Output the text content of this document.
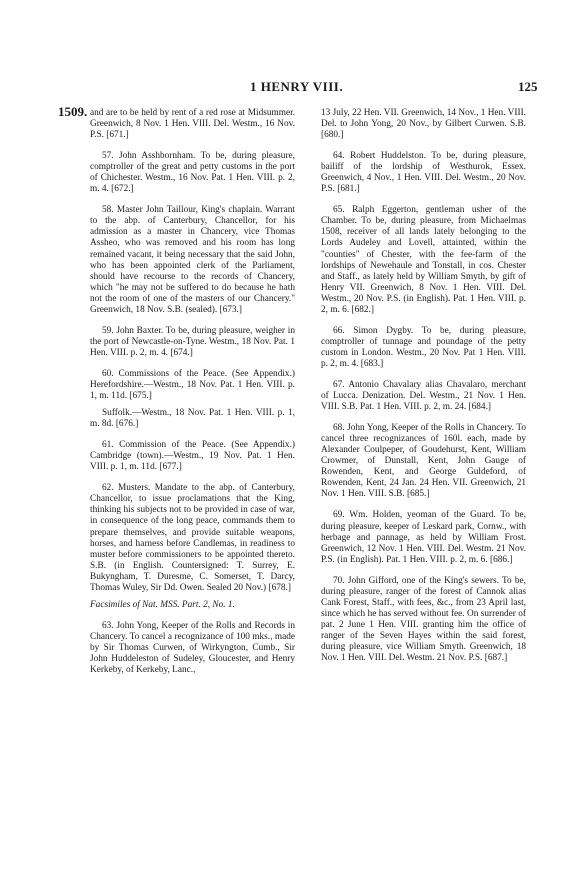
1 HENRY VIII.	125
1509. and are to be held by rent of a red rose at Midsummer. Greenwich, 8 Nov. 1 Hen. VIII. Del. Westm., 16 Nov. P.S. [671.]

57. John Asshbornham. To be, during pleasure, comptroller of the great and petty customs in the port of Chichester. Westm., 16 Nov. Pat. 1 Hen. VIII. p. 2, m. 4. [672.]

58. Master John Taillour, King's chaplain. Warrant to the abp. of Canterbury, Chancellor, for his admission as a master in Chancery, vice Thomas Assheo, who was removed and his room has long remained vacant, it being necessary that the said John, who has been appointed clerk of the Parliament, should have recourse to the records of Chancery, which "he may not be suffered to do because he hath not the room of one of the masters of our Chancery." Greenwich, 18 Nov. S.B. (sealed). [673.]

59. John Baxter. To be, during pleasure, weigher in the port of Newcastle-on-Tyne. Westm., 18 Nov. Pat. 1 Hen. VIII. p. 2, m. 4. [674.]

60. Commissions of the Peace. (See Appendix.) Herefordshire.—Westm., 18 Nov. Pat. 1 Hen. VIII. p. 1, m. 11d. [675.]

Suffolk.—Westm., 18 Nov. Pat. 1 Hen. VIII. p. 1, m. 8d. [676.]

61. Commission of the Peace. (See Appendix.) Cambridge (town).—Westm., 19 Nov. Pat. 1 Hen. VIII. p. 1, m. 11d. [677.]

62. Musters. Mandate to the abp. of Canterbury, Chancellor, to issue proclamations that the King, thinking his subjects not to be provided in case of war, in consequence of the long peace, commands them to prepare themselves, and provide suitable weapons, horses, and harness before Candlemas, in readiness to muster before commissioners to be appointed thereto. S.B. (in English. Countersigned: T. Surrey, E. Bukyngham, T. Duresme, C. Somerset, T. Darcy, Thomas Wuley, Sir Dd. Owen. Sealed 20 Nov.) [678.]

Facsimiles of Nat. MSS. Part. 2, No. 1.

63. John Yong, Keeper of the Rolls and Records in Chancery. To cancel a recognizance of 100 mks., made by Sir Thomas Curwen, of Wirkyngton, Cumb., Sir John Huddeleston of Sudeley, Gloucester, and Henry Kerkeby, of Kerkeby, Lanc.,

13 July, 22 Hen. VII. Greenwich, 14 Nov., 1 Hen. VIII. Del. to John Yong, 20 Nov., by Gilbert Curwen. S.B. [680.]

64. Robert Huddelston. To be, during pleasure, bailiff of the lordship of Westhurok, Essex. Greenwich, 4 Nov., 1 Hen. VIII. Del. Westm., 20 Nov. P.S. [681.]

65. Ralph Eggerton, gentleman usher of the Chamber. To be, during pleasure, from Michaelmas 1508, receiver of all lands lately belonging to the Lords Audeley and Lovell, attainted, within the "counties" of Chester, with the fee-farm of the lordships of Newehaule and Tonstall, in cos. Chester and Staff., as lately held by William Smyth, by gift of Henry VII. Greenwich, 8 Nov. 1 Hen. VIII. Del. Westm., 20 Nov. P.S. (in English). Pat. 1 Hen. VIII. p. 2, m. 6. [682.]

66. Simon Dygby. To be, during pleasure, comptroller of tunnage and poundage of the petty custom in London. Westm., 20 Nov. Pat 1 Hen. VIII. p. 2, m. 4. [683.]

67. Antonio Chavalary alias Chavalaro, merchant of Lucca. Denization. Del. Westm., 21 Nov. 1 Hen. VIII. S.B. Pat. 1 Hen. VIII. p. 2, m. 24. [684.]

68. John Yong, Keeper of the Rolls in Chancery. To cancel three recognizances of 160l. each, made by Alexander Coulpeper, of Goudehurst, Kent, William Crowmer, of Dunstall, Kent, John Gauge of Rowenden, Kent, and George Guldeford, of Rowenden, Kent, 24 Jan. 24 Hen. VII. Greenwich, 21 Nov. 1 Hen. VIII. S.B. [685.]

69. Wm. Holden, yeoman of the Guard. To be, during pleasure, keeper of Leskard park, Cornw., with herbage and pannage, as held by William Frost. Greenwich, 12 Nov. 1 Hen. VIII. Del. Westm. 21 Nov. P.S. (in English). Pat. 1 Hen. VIII. p. 2, m. 6. [686.]

70. John Gifford, one of the King's sewers. To be, during pleasure, ranger of the forest of Cannok alias Cank Forest, Staff., with fees, &c., from 23 April last, since which he has served without fee. On surrender of pat. 2 June 1 Hen. VIII. granting him the office of ranger of the Seven Hayes within the said forest, during pleasure, vice William Smyth. Greenwich, 18 Nov. 1 Hen. VIII. Del. Westm. 21 Nov. P.S. [687.]
